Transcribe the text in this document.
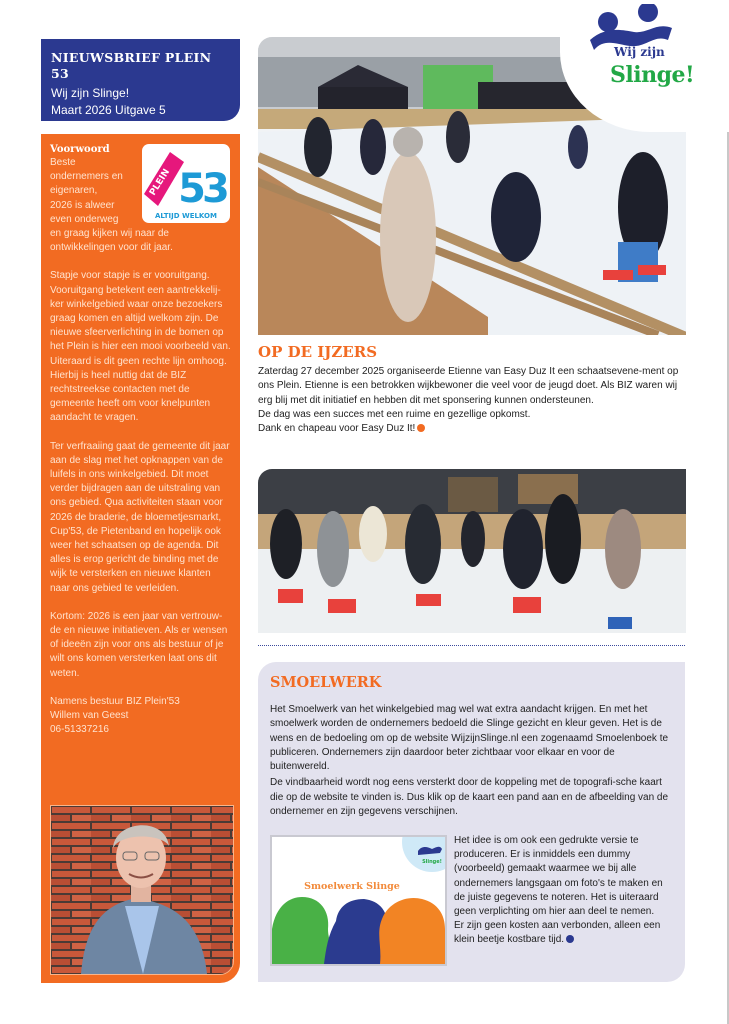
NIEUWSBRIEF PLEIN 53
Wij zijn Slinge!
Maart 2026 Uitgave 5
Voorwoord

Beste

ondernemers en

eigenaren,

2026 is alweer

even onderweg

en graag kijken wij naar de

ontwikkelingen voor dit jaar.

Stapje voor stapje is er vooruitgang. Vooruitgang betekent een aantrekkelij-ker winkelgebied waar onze bezoekers graag komen en altijd welkom zijn. De nieuwe sfeerverlichting in de bomen op het Plein is hier een mooi voorbeeld van. Uiteraard is dit geen rechte lijn omhoog. Hierbij is heel nuttig dat de BIZ rechtstreekse contacten met de gemeente heeft om voor knelpunten aandacht te vragen.

Ter verfraaiing gaat de gemeente dit jaar aan de slag met het opknappen van de luifels in ons winkelgebied. Dit moet verder bijdragen aan de uitstraling van ons gebied. Qua activiteiten staan voor 2026 de braderie, de bloemetjesmarkt, Cup'53, de Pietenband en hopelijk ook weer het schaatsen op de agenda. Dit alles is erop gericht de binding met de wijk te versterken en nieuwe klanten naar ons gebied te verleiden.

Kortom: 2026 is een jaar van vertrouw-de en nieuwe initiatieven. Als er wensen of ideeën zijn voor ons als bestuur of je wilt ons komen versterken laat ons dit weten.

Namens bestuur BIZ Plein'53

Willem van Geest

06-51337216

PLEIN 53
ALTIJD WELKOM
Wij zijn
Slinge!
OP DE IJZERS

Zaterdag 27 december 2025 organiseerde Etienne van Easy Duz It een schaatsevene-ment op ons Plein. Etienne is een betrokken wijkbewoner die veel voor de jeugd doet. Als BIZ waren wij erg blij met dit initiatief en hebben dit met sponsering kunnen ondersteunen.

De dag was een succes met een ruime en gezellige opkomst.

Dank en chapeau voor Easy Duz It!

SMOELWERK

Het Smoelwerk van het winkelgebied mag wel wat extra aandacht krijgen. En met het smoelwerk worden de ondernemers bedoeld die Slinge gezicht en kleur geven. Het is de wens en de bedoeling om op de website WijzijnSlinge.nl een zogenaamd Smoelenboek te publiceren. Ondernemers zijn daardoor beter zichtbaar voor elkaar en voor de buitenwereld.

De vindbaarheid wordt nog eens versterkt door de koppeling met de topografi-sche kaart die op de website te vinden is. Dus klik op de kaart een pand aan en de afbeelding van de ondernemer en zijn gegevens verschijnen.

Slinge!
Smoelwerk Slinge

Het idee is om ook een gedrukte versie te produceren. Er is inmiddels een dummy (voorbeeld) gemaakt waarmee we bij alle ondernemers langsgaan om foto's te maken en de juiste gegevens te noteren. Het is uiteraard geen verplichting om hier aan deel te nemen.

Er zijn geen kosten aan verbonden, alleen een klein beetje kostbare tijd.
